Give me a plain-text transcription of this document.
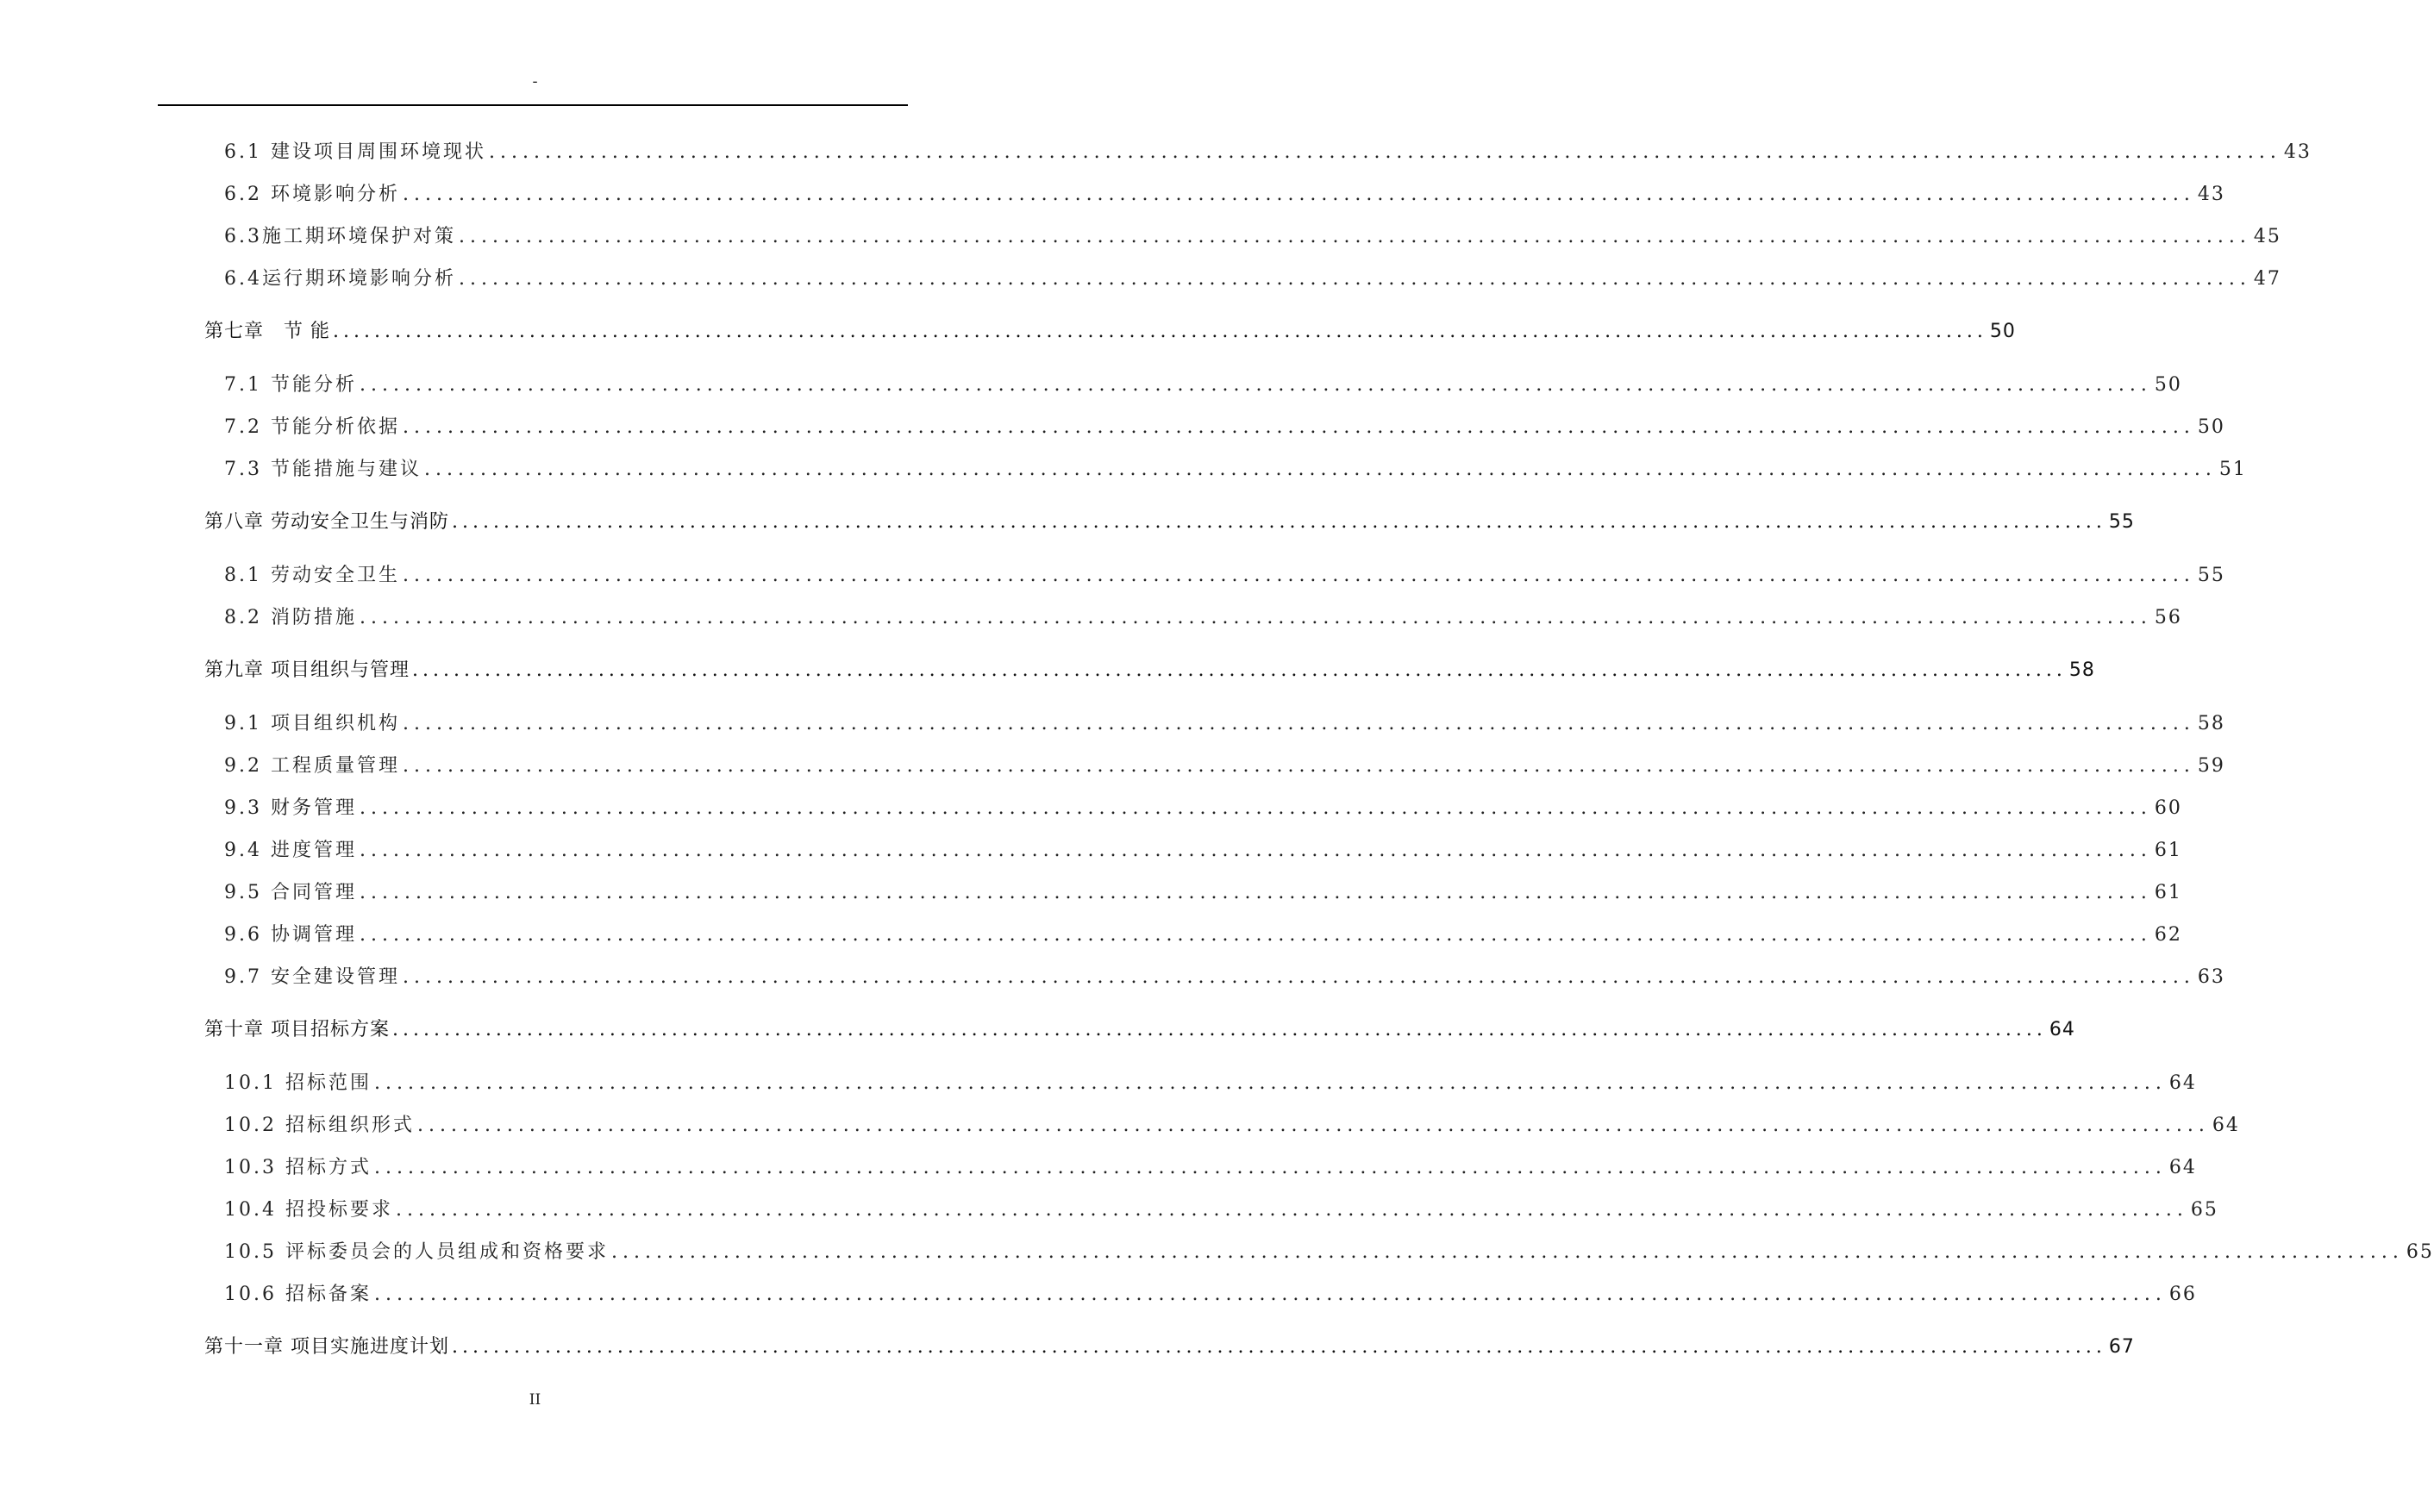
-
6.1 建设项目周围环境现状 ................................................................................................................................................................ 43
6.2 环境影响分析 ................................................................................................................................................................ 43
6.3施工期环境保护对策 ................................................................................................................................................................ 45
6.4运行期环境影响分析 ................................................................................................................................................................ 47
第七章　节 能 ................................................................................................................................................................ 50
7.1 节能分析 ................................................................................................................................................................ 50
7.2 节能分析依据 ................................................................................................................................................................ 50
7.3 节能措施与建议 ................................................................................................................................................................ 51
第八章 劳动安全卫生与消防 ................................................................................................................................................................ 55
8.1 劳动安全卫生 ................................................................................................................................................................ 55
8.2 消防措施 ................................................................................................................................................................ 56
第九章 项目组织与管理 ................................................................................................................................................................ 58
9.1 项目组织机构 ................................................................................................................................................................ 58
9.2 工程质量管理 ................................................................................................................................................................ 59
9.3 财务管理 ................................................................................................................................................................ 60
9.4 进度管理 ................................................................................................................................................................ 61
9.5 合同管理 ................................................................................................................................................................ 61
9.6 协调管理 ................................................................................................................................................................ 62
9.7 安全建设管理 ................................................................................................................................................................ 63
第十章 项目招标方案 ................................................................................................................................................................ 64
10.1 招标范围 ................................................................................................................................................................ 64
10.2 招标组织形式 ................................................................................................................................................................ 64
10.3 招标方式 ................................................................................................................................................................ 64
10.4 招投标要求 ................................................................................................................................................................ 65
10.5 评标委员会的人员组成和资格要求 ................................................................................................................................................................ 65
10.6 招标备案 ................................................................................................................................................................ 66
第十一章 项目实施进度计划 ................................................................................................................................................................ 67
II
